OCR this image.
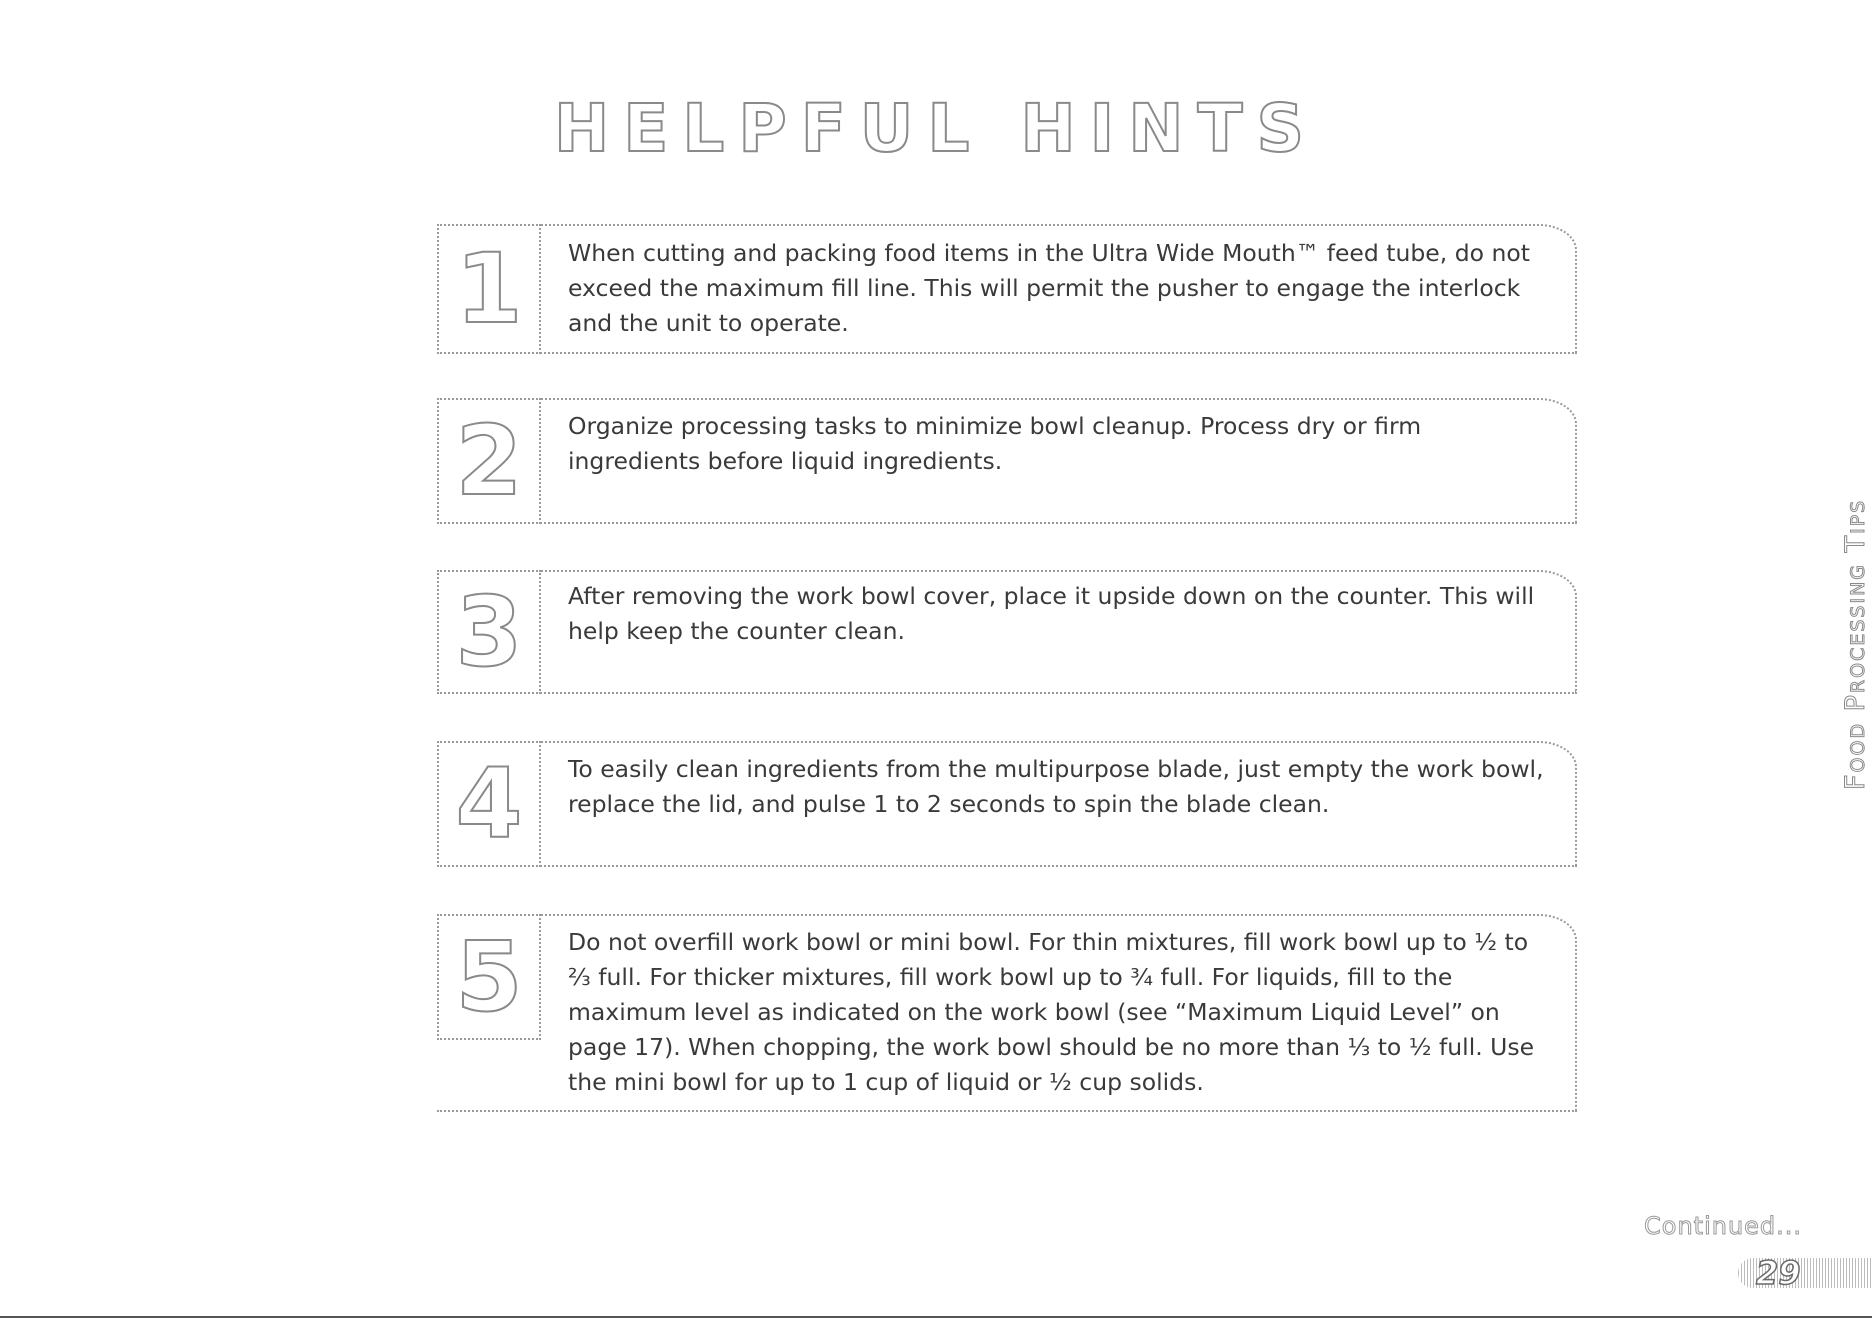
HELPFUL HINTS
1 When cutting and packing food items in the Ultra Wide Mouth™ feed tube, do not exceed the maximum fill line. This will permit the pusher to engage the interlock and the unit to operate.

2 Organize processing tasks to minimize bowl cleanup. Process dry or firm ingredients before liquid ingredients.

3 After removing the work bowl cover, place it upside down on the counter. This will help keep the counter clean.

4 To easily clean ingredients from the multipurpose blade, just empty the work bowl, replace the lid, and pulse 1 to 2 seconds to spin the blade clean.

5 Do not overfill work bowl or mini bowl. For thin mixtures, fill work bowl up to ½ to ⅔ full. For thicker mixtures, fill work bowl up to ¾ full. For liquids, fill to the maximum level as indicated on the work bowl (see “Maximum Liquid Level” on page 17). When chopping, the work bowl should be no more than ⅓ to ½ full. Use the mini bowl for up to 1 cup of liquid or ½ cup solids.

Food Processing Tips
Continued...
29
